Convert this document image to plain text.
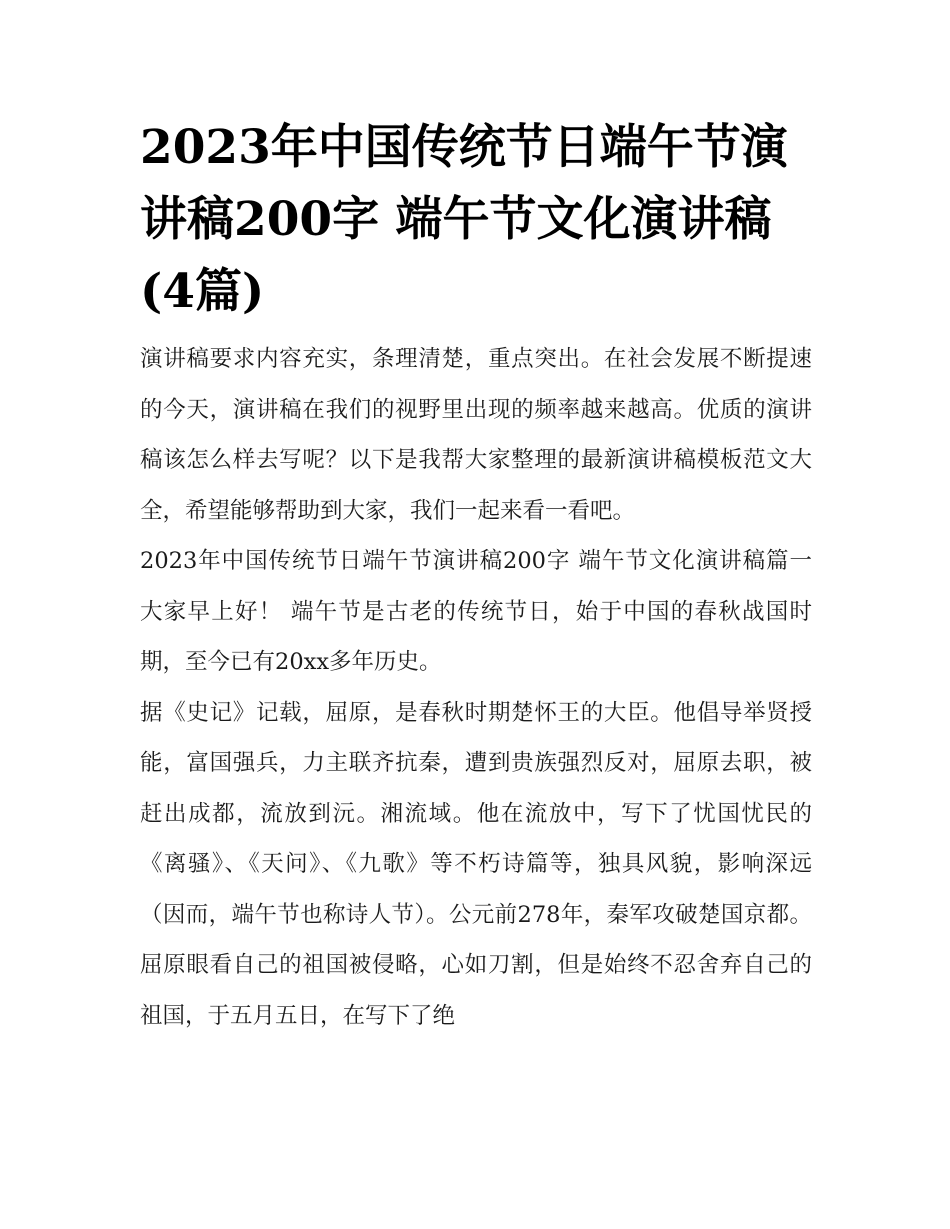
2023年中国传统节日端午节演讲稿200字 端午节文化演讲稿(4篇)

演讲稿要求内容充实，条理清楚，重点突出。在社会发展不断提速的今天，演讲稿在我们的视野里出现的频率越来越高。优质的演讲稿该怎么样去写呢？以下是我帮大家整理的最新演讲稿模板范文大全，希望能够帮助到大家，我们一起来看一看吧。

2023年中国传统节日端午节演讲稿200字 端午节文化演讲稿篇一 大家早上好！ 端午节是古老的传统节日，始于中国的春秋战国时期，至今已有20xx多年历史。

据《史记》记载，屈原，是春秋时期楚怀王的大臣。他倡导举贤授能，富国强兵，力主联齐抗秦，遭到贵族强烈反对，屈原去职，被赶出成都，流放到沅。湘流域。他在流放中，写下了忧国忧民的《离骚》、《天问》、《九歌》等不朽诗篇等，独具风貌，影响深远（因而，端午节也称诗人节）。公元前278年，秦军攻破楚国京都。屈原眼看自己的祖国被侵略，心如刀割，但是始终不忍舍弃自己的祖国，于五月五日，在写下了绝
